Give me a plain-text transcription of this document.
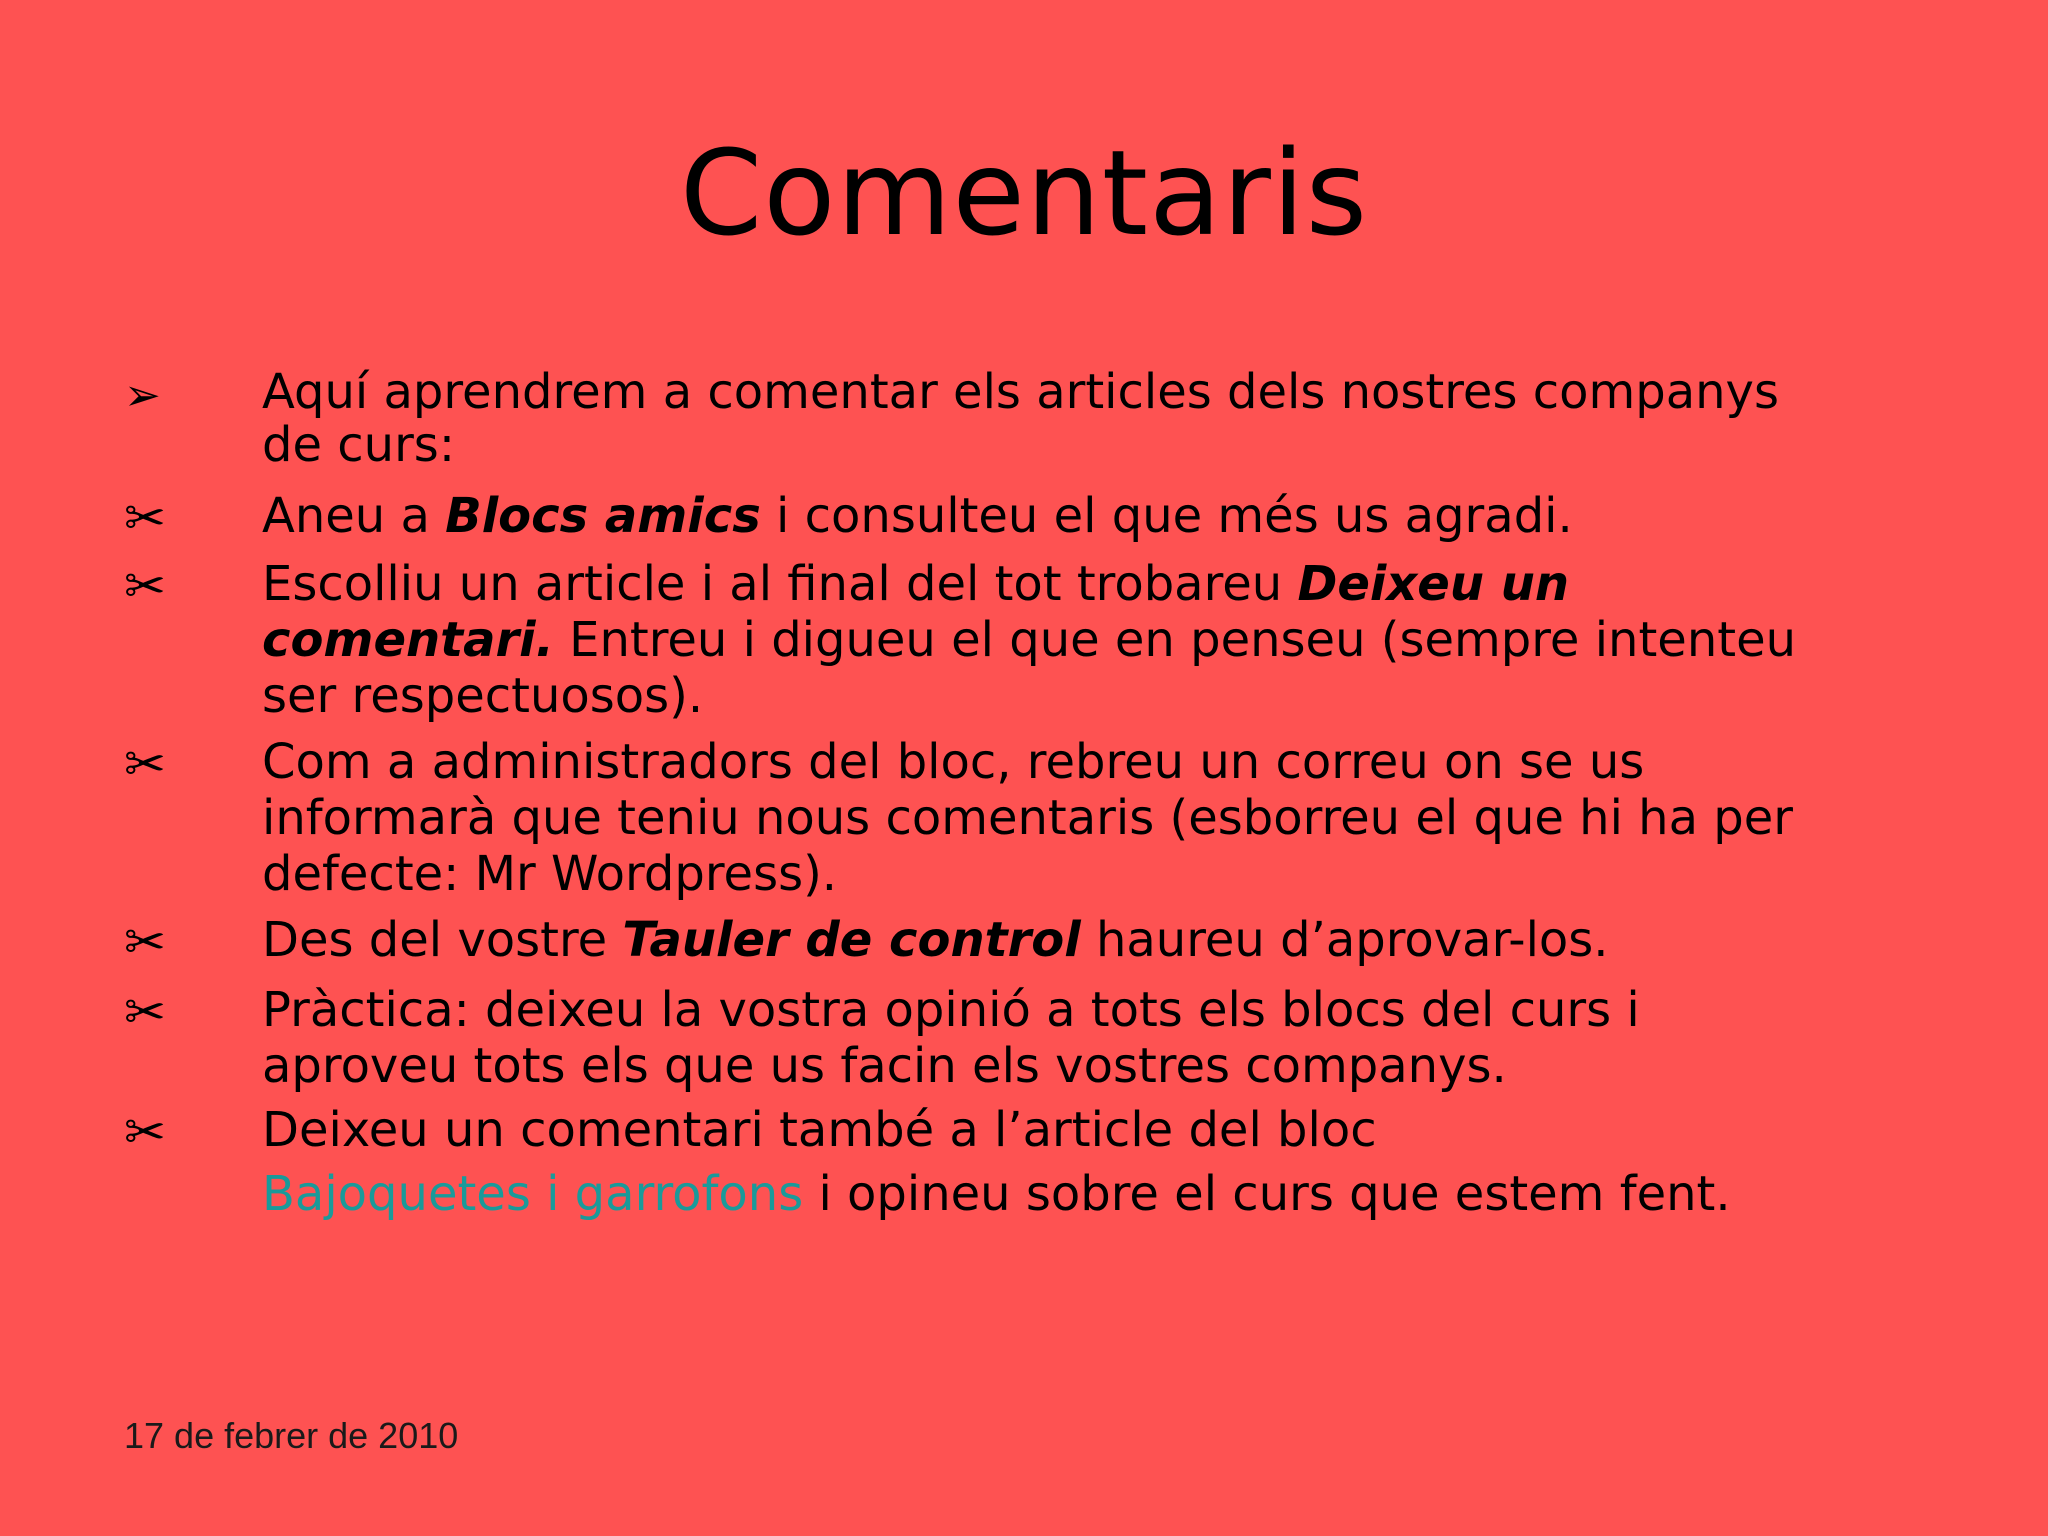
Comentaris
➢	Aquí aprendrem a comentar els articles dels nostres companys
de curs:
✂	Aneu a Blocs amics i consulteu el que més us agradi.
✂	Escolliu un article i al final del tot trobareu Deixeu un
comentari. Entreu i digueu el que en penseu (sempre intenteu
ser respectuosos).
✂	Com a administradors del bloc, rebreu un correu on se us
informarà que teniu nous comentaris (esborreu el que hi ha per
defecte: Mr Wordpress).
✂	Des del vostre Tauler de control haureu d’aprovar-los.
✂	Pràctica: deixeu la vostra opinió a tots els blocs del curs i
aproveu tots els que us facin els vostres companys.
✂	Deixeu un comentari també a l’article del bloc
Bajoquetes i garrofons i opineu sobre el curs que estem fent.
17 de febrer de 2010
